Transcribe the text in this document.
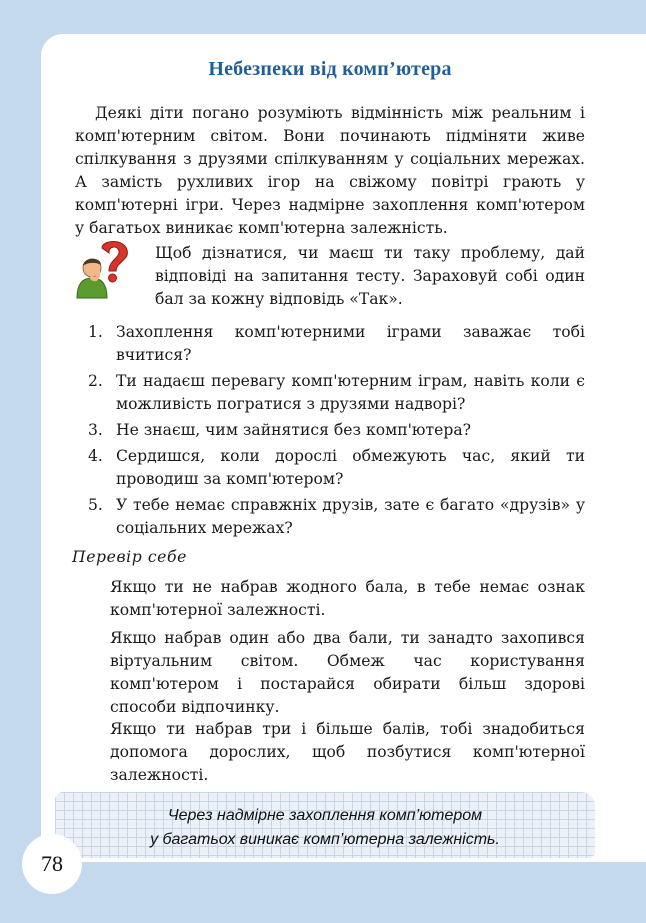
Небезпеки від комп’ютера

Деякі діти погано розуміють відмінність між реальним і комп'ютерним світом. Вони починають підміняти живе спілкування з друзями спілкуванням у соціальних мережах. А замість рухливих ігор на свіжому повітрі грають у комп'ютерні ігри. Через надмірне захоплення комп'ютером у багатьох виникає комп'ютерна залежність.

Щоб дізнатися, чи маєш ти таку проблему, дай відповіді на запитання тесту. Зараховуй собі один бал за кожну відповідь «Так».

1. Захоплення комп'ютерними іграми заважає тобі вчитися?
2. Ти надаєш перевагу комп'ютерним іграм, навіть коли є можливість погратися з друзями надворі?
3. Не знаєш, чим зайнятися без комп'ютера?
4. Сердишся, коли дорослі обмежують час, який ти проводиш за комп'ютером?
5. У тебе немає справжніх друзів, зате є багато «друзів» у соціальних мережах?
Перевір себе

Якщо ти не набрав жодного бала, в тебе немає ознак комп'ютерної залежності.

Якщо набрав один або два бали, ти занадто захопився віртуальним світом. Обмеж час користування комп'ютером і постарайся обирати більш здорові способи відпочинку.

Якщо ти набрав три і більше балів, тобі знадобиться допомога дорослих, щоб позбутися комп'ютерної залежності.

Через надмірне захоплення комп’ютером
у багатьох виникає комп’ютерна залежність.
78
